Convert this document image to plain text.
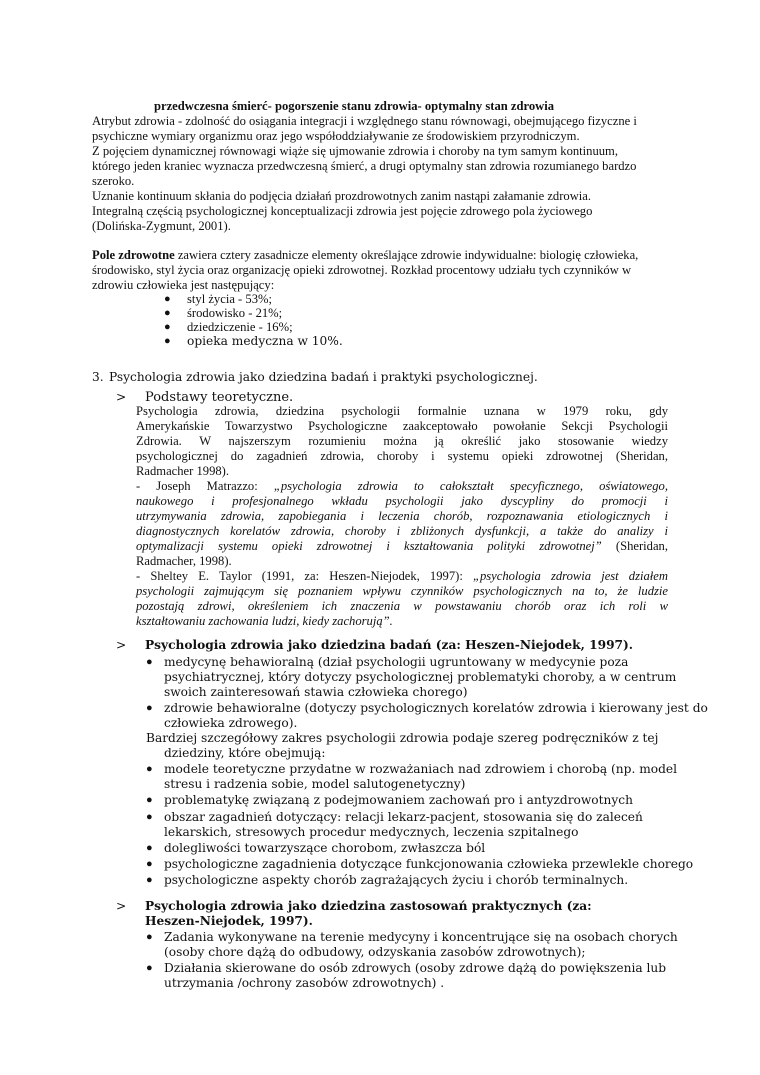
przedwczesna śmierć- pogorszenie stanu zdrowia- optymalny stan zdrowia
Atrybut zdrowia - zdolność do osiągania integracji i względnego stanu równowagi, obejmującego fizyczne i
psychiczne wymiary organizmu oraz jego współoddziaływanie ze środowiskiem przyrodniczym.
Z pojęciem dynamicznej równowagi wiąże się ujmowanie zdrowia i choroby na tym samym kontinuum,
którego jeden kraniec wyznacza przedwczesną śmierć, a drugi optymalny stan zdrowia rozumianego bardzo
szeroko.
Uznanie kontinuum skłania do podjęcia działań prozdrowotnych zanim nastąpi załamanie zdrowia.
Integralną częścią psychologicznej konceptualizacji zdrowia jest pojęcie zdrowego pola życiowego
(Dolińska-Zygmunt, 2001).
Pole zdrowotne zawiera cztery zasadnicze elementy określające zdrowie indywidualne: biologię człowieka,
środowisko, styl życia oraz organizację opieki zdrowotnej. Rozkład procentowy udziału tych czynników w
zdrowiu człowieka jest następujący:
● styl życia - 53%;
● środowisko - 21%;
● dziedziczenie - 16%;
● opieka medyczna w 10%.
3. Psychologia zdrowia jako dziedzina badań i praktyki psychologicznej.
> Podstawy teoretyczne.
Psychologia zdrowia, dziedzina psychologii formalnie uznana w 1979 roku, gdy
Amerykańskie Towarzystwo Psychologiczne zaakceptowało powołanie Sekcji Psychologii
Zdrowia. W najszerszym rozumieniu można ją określić jako stosowanie wiedzy
psychologicznej do zagadnień zdrowia, choroby i systemu opieki zdrowotnej (Sheridan,
Radmacher 1998).
- Joseph Matrazzo: „psychologia zdrowia to całokształt specyficznego, oświatowego,
naukowego i profesjonalnego wkładu psychologii jako dyscypliny do promocji i
utrzymywania zdrowia, zapobiegania i leczenia chorób, rozpoznawania etiologicznych i
diagnostycznych korelatów zdrowia, choroby i zbliżonych dysfunkcji, a także do analizy i
optymalizacji systemu opieki zdrowotnej i kształtowania polityki zdrowotnej” (Sheridan,
Radmacher, 1998).
- Sheltey E. Taylor (1991, za: Heszen-Niejodek, 1997): „psychologia zdrowia jest działem
psychologii zajmującym się poznaniem wpływu czynników psychologicznych na to, że ludzie
pozostają zdrowi, określeniem ich znaczenia w powstawaniu chorób oraz ich roli w
kształtowaniu zachowania ludzi, kiedy zachorują”.
> Psychologia zdrowia jako dziedzina badań (za: Heszen-Niejodek, 1997).
● medycynę behawioralną (dział psychologii ugruntowany w medycynie poza
psychiatrycznej, który dotyczy psychologicznej problematyki choroby, a w centrum
swoich zainteresowań stawia człowieka chorego)
● zdrowie behawioralne (dotyczy psychologicznych korelatów zdrowia i kierowany jest do
człowieka zdrowego).
Bardziej szczegółowy zakres psychologii zdrowia podaje szereg podręczników z tej
dziedziny, które obejmują:
● modele teoretyczne przydatne w rozważaniach nad zdrowiem i chorobą (np. model
stresu i radzenia sobie, model salutogenetyczny)
● problematykę związaną z podejmowaniem zachowań pro i antyzdrowotnych
● obszar zagadnień dotyczący: relacji lekarz-pacjent, stosowania się do zaleceń
lekarskich, stresowych procedur medycznych, leczenia szpitalnego
● dolegliwości towarzyszące chorobom, zwłaszcza ból
● psychologiczne zagadnienia dotyczące funkcjonowania człowieka przewlekle chorego
● psychologiczne aspekty chorób zagrażających życiu i chorób terminalnych.
> Psychologia zdrowia jako dziedzina zastosowań praktycznych (za:
Heszen-Niejodek, 1997).
● Zadania wykonywane na terenie medycyny i koncentrujące się na osobach chorych
(osoby chore dążą do odbudowy, odzyskania zasobów zdrowotnych);
● Działania skierowane do osób zdrowych (osoby zdrowe dążą do powiększenia lub
utrzymania /ochrony zasobów zdrowotnych) .
